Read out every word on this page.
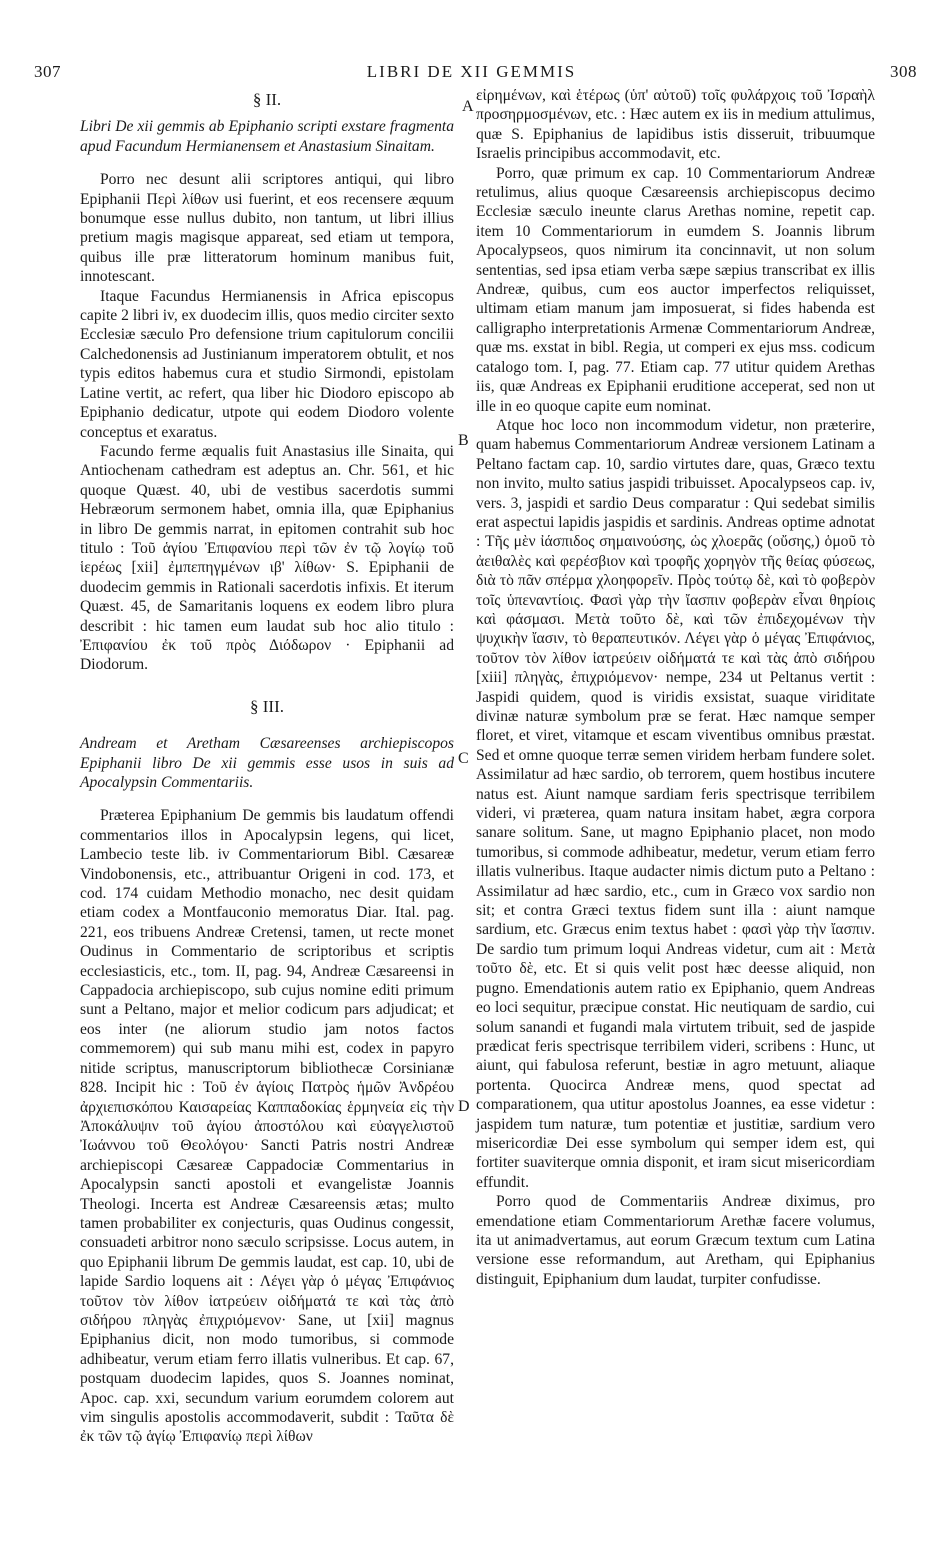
307	LIBRI DE XII GEMMIS	308
A
B
C
D

§ II.

Libri De xii gemmis ab Epiphanio scripti exstare fragmenta apud Facundum Hermianensem et Anastasium Sinaitam.

Porro nec desunt alii scriptores antiqui, qui libro Epiphanii Περὶ λίθων usi fuerint, et eos recensere æquum bonumque esse nullus dubito, non tantum, ut libri illius pretium magis magisque appareat, sed etiam ut tempora, quibus ille præ litteratorum hominum manibus fuit, innotescant.

Itaque Facundus Hermianensis in Africa episcopus capite 2 libri iv, ex duodecim illis, quos medio circiter sexto Ecclesiæ sæculo Pro defensione trium capitulorum concilii Calchedonensis ad Justinianum imperatorem obtulit, et nos typis editos habemus cura et studio Sirmondi, epistolam Latine vertit, ac refert, qua liber hic Diodoro episcopo ab Epiphanio dedicatur, utpote qui eodem Diodoro volente conceptus et exaratus.

Facundo ferme æqualis fuit Anastasius ille Sinaita, qui Antiochenam cathedram est adeptus an. Chr. 561, et hic quoque Quæst. 40, ubi de vestibus sacerdotis summi Hebræorum sermonem habet, omnia illa, quæ Epiphanius in libro De gemmis narrat, in epitomen contrahit sub hoc titulo : Τοῦ ἁγίου Ἐπιφανίου περὶ τῶν ἐν τῷ λογίῳ τοῦ ἱερέως [xii] ἐμπεπηγμένων ιβ' λίθων· S. Epiphanii de duodecim gemmis in Rationali sacerdotis infixis. Et iterum Quæst. 45, de Samaritanis loquens ex eodem libro plura describit : hic tamen eum laudat sub hoc alio titulo : Ἐπιφανίου ἐκ τοῦ πρὸς Διόδωρον · Epiphanii ad Diodorum.

§ III.

Andream et Aretham Cæsareenses archiepiscopos Epiphanii libro De xii gemmis esse usos in suis ad Apocalypsin Commentariis.

Præterea Epiphanium De gemmis bis laudatum offendi commentarios illos in Apocalypsin legens, qui licet, Lambecio teste lib. iv Commentariorum Bibl. Cæsareæ Vindobonensis, etc., attribuantur Origeni in cod. 173, et cod. 174 cuidam Methodio monacho, nec desit quidam etiam codex a Montfauconio memoratus Diar. Ital. pag. 221, eos tribuens Andreæ Cretensi, tamen, ut recte monet Oudinus in Commentario de scriptoribus et scriptis ecclesiasticis, etc., tom. II, pag. 94, Andreæ Cæsareensi in Cappadocia archiepiscopo, sub cujus nomine editi primum sunt a Peltano, major et melior codicum pars adjudicat; et eos inter (ne aliorum studio jam notos factos commemorem) qui sub manu mihi est, codex in papyro nitide scriptus, manuscriptorum bibliothecæ Corsinianæ 828. Incipit hic : Τοῦ ἐν ἁγίοις Πατρὸς ἡμῶν Ἀνδρέου ἀρχιεπισκόπου Καισαρείας Καππαδοκίας ἑρμηνεία εἰς τὴν Ἀποκάλυψιν τοῦ ἁγίου ἀποστόλου καὶ εὐαγγελιστοῦ Ἰωάννου τοῦ Θεολόγου· Sancti Patris nostri Andreæ archiepiscopi Cæsareæ Cappadociæ Commentarius in Apocalypsin sancti apostoli et evangelistæ Joannis Theologi. Incerta est Andreæ Cæsareensis ætas; multo tamen probabiliter ex conjecturis, quas Oudinus congessit, consuadeti arbitror nono sæculo scripsisse. Locus autem, in quo Epiphanii librum De gemmis laudat, est cap. 10, ubi de lapide Sardio loquens ait : Λέγει γὰρ ὁ μέγας Ἐπιφάνιος τοῦτον τὸν λίθον ἰατρεύειν οἰδήματά τε καὶ τὰς ἀπὸ σιδήρου πληγὰς ἐπιχριόμενον· Sane, ut [xii] magnus Epiphanius dicit, non modo tumoribus, si commode adhibeatur, verum etiam ferro illatis vulneribus. Et cap. 67, postquam duodecim lapides, quos S. Joannes nominat, Apoc. cap. xxi, secundum varium eorumdem colorem aut vim singulis apostolis accommodaverit, subdit : Ταῦτα δὲ ἐκ τῶν τῷ ἁγίῳ Ἐπιφανίῳ περὶ λίθων

εἰρημένων, καὶ ἑτέρως (ὑπ' αὐτοῦ) τοῖς φυλάρχοις τοῦ Ἰσραὴλ προσηρμοσμένων, etc. : Hæc autem ex iis in medium attulimus, quæ S. Epiphanius de lapidibus istis disseruit, tribuumque Israelis principibus accommodavit, etc.

Porro, quæ primum ex cap. 10 Commentariorum Andreæ retulimus, alius quoque Cæsareensis archiepiscopus decimo Ecclesiæ sæculo ineunte clarus Arethas nomine, repetit cap. item 10 Commentariorum in eumdem S. Joannis librum Apocalypseos, quos nimirum ita concinnavit, ut non solum sententias, sed ipsa etiam verba sæpe sæpius transcribat ex illis Andreæ, quibus, cum eos auctor imperfectos reliquisset, ultimam etiam manum jam imposuerat, si fides habenda est calligrapho interpretationis Armenæ Commentariorum Andreæ, quæ ms. exstat in bibl. Regia, ut comperi ex ejus mss. codicum catalogo tom. I, pag. 77. Etiam cap. 77 utitur quidem Arethas iis, quæ Andreas ex Epiphanii eruditione acceperat, sed non ut ille in eo quoque capite eum nominat.

Atque hoc loco non incommodum videtur, non præterire, quam habemus Commentariorum Andreæ versionem Latinam a Peltano factam cap. 10, sardio virtutes dare, quas, Græco textu non invito, multo satius jaspidi tribuisset. Apocalypseos cap. iv, vers. 3, jaspidi et sardio Deus comparatur : Qui sedebat similis erat aspectui lapidis jaspidis et sardinis. Andreas optime adnotat : Τῆς μὲν ἰάσπιδος σημαινούσης, ὡς χλοερᾶς (οὔσης,) ὁμοῦ τὸ ἀειθαλὲς καὶ φερέσβιον καὶ τροφῆς χορηγὸν τῆς θείας φύσεως, διὰ τὸ πᾶν σπέρμα χλοηφορεῖν. Πρὸς τούτῳ δὲ, καὶ τὸ φοβερὸν τοῖς ὑπεναντίοις. Φασὶ γὰρ τὴν ἴασπιν φοβερὰν εἶναι θηρίοις καὶ φάσμασι. Μετὰ τοῦτο δὲ, καὶ τῶν ἐπιδεχομένων τὴν ψυχικὴν ἴασιν, τὸ θεραπευτικόν. Λέγει γὰρ ὁ μέγας Ἐπιφάνιος, τοῦτον τὸν λίθον ἰατρεύειν οἰδήματά τε καὶ τὰς ἀπὸ σιδήρου [xiii] πληγὰς, ἐπιχριόμενον· nempe, 234 ut Peltanus vertit : Jaspidi quidem, quod is viridis exsistat, suaque viriditate divinæ naturæ symbolum præ se ferat. Hæc namque semper floret, et viret, vitamque et escam viventibus omnibus præstat. Sed et omne quoque terræ semen viridem herbam fundere solet. Assimilatur ad hæc sardio, ob terrorem, quem hostibus incutere natus est. Aiunt namque sardiam feris spectrisque terribilem videri, vi præterea, quam natura insitam habet, ægra corpora sanare solitum. Sane, ut magno Epiphanio placet, non modo tumoribus, si commode adhibeatur, medetur, verum etiam ferro illatis vulneribus. Itaque audacter nimis dictum puto a Peltano : Assimilatur ad hæc sardio, etc., cum in Græco vox sardio non sit; et contra Græci textus fidem sunt illa : aiunt namque sardium, etc. Græcus enim textus habet : φασὶ γὰρ τὴν ἴασπιν. De sardio tum primum loqui Andreas videtur, cum ait : Μετὰ τοῦτο δὲ, etc. Et si quis velit post hæc deesse aliquid, non pugno. Emendationis autem ratio ex Epiphanio, quem Andreas eo loci sequitur, præcipue constat. Hic neutiquam de sardio, cui solum sanandi et fugandi mala virtutem tribuit, sed de jaspide prædicat feris spectrisque terribilem videri, scribens : Hunc, ut aiunt, qui fabulosa referunt, bestiæ in agro metuunt, aliaque portenta. Quocirca Andreæ mens, quod spectat ad comparationem, qua utitur apostolus Joannes, ea esse videtur : jaspidem tum naturæ, tum potentiæ et justitiæ, sardium vero misericordiæ Dei esse symbolum qui semper idem est, qui fortiter suaviterque omnia disponit, et iram sicut misericordiam effundit.

Porro quod de Commentariis Andreæ diximus, pro emendatione etiam Commentariorum Arethæ facere volumus, ita ut animadvertamus, aut eorum Græcum textum cum Latina versione esse reformandum, aut Aretham, qui Epiphanius distinguit, Epiphanium dum laudat, turpiter confudisse.
